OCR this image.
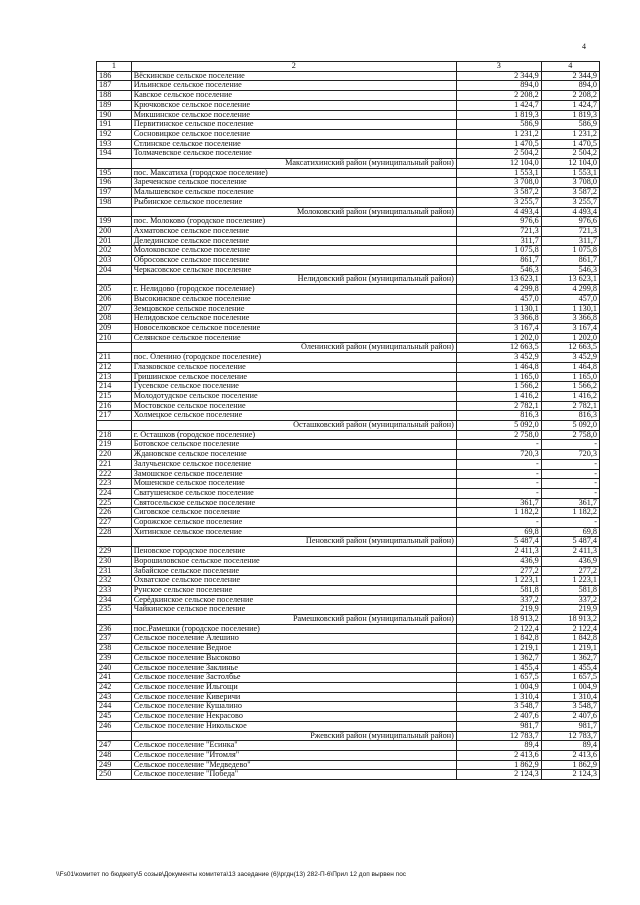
4
1	2	3	4
186	Вёскинское сельское поселение	2 344,9	2 344,9
187	Ильинское сельское поселение	894,0	894,0
188	Кавское сельское поселение	2 208,2	2 208,2
189	Крючковское сельское поселение	1 424,7	1 424,7
190	Микшинское сельское поселение	1 819,3	1 819,3
191	Первитинское сельское поселение	586,9	586,9
192	Сосновицкое сельское поселение	1 231,2	1 231,2
193	Стлинское сельское поселение	1 470,5	1 470,5
194	Толмачевское сельское поселение	2 504,2	2 504,2
	Максатихинский район (муниципальный район)	12 104,0	12 104,0
195	пос. Максатиха (городское поселение)	1 553,1	1 553,1
196	Зареченское сельское поселение	3 708,0	3 708,0
197	Малышевское сельское поселение	3 587,2	3 587,2
198	Рыбинское сельское поселение	3 255,7	3 255,7
	Молоковский район (муниципальный район)	4 493,4	4 493,4
199	пос. Молоково (городское поселение)	976,6	976,6
200	Ахматовское сельское поселение	721,3	721,3
201	Делединское сельское поселение	311,7	311,7
202	Молоковское сельское поселение	1 075,8	1 075,8
203	Обросовское сельское поселение	861,7	861,7
204	Черкасовское сельское поселение	546,3	546,3
	Нелидовский район (муниципальный район)	13 623,1	13 623,1
205	г. Нелидово (городское поселение)	4 299,8	4 299,8
206	Высокинское сельское поселение	457,0	457,0
207	Земцовское сельское поселение	1 130,1	1 130,1
208	Нелидовское сельское поселение	3 366,8	3 366,8
209	Новоселковское сельское поселение	3 167,4	3 167,4
210	Селянское сельское поселение	1 202,0	1 202,0
	Оленинский район (муниципальный район)	12 663,5	12 663,5
211	пос. Оленино (городское поселение)	3 452,9	3 452,9
212	Глазковское сельское поселение	1 464,8	1 464,8
213	Гришинское сельское поселение	1 165,0	1 165,0
214	Гусевское сельское поселение	1 566,2	1 566,2
215	Молодотудское сельское поселение	1 416,2	1 416,2
216	Мостовское сельское поселение	2 782,1	2 782,1
217	Холмецкое сельское поселение	816,3	816,3
	Осташковский район (муниципальный район)	5 092,0	5 092,0
218	г. Осташков (городское поселение)	2 758,0	2 758,0
219	Ботовское сельское поселение	-	-
220	Ждановское сельское поселение	720,3	720,3
221	Залучьенское сельское поселение	-	-
222	Замошское сельское поселение	-	-
223	Мошенское сельское поселение	-	-
224	Сватушенское сельское поселение	-	-
225	Святосельское сельское поселение	361,7	361,7
226	Сиговское сельское поселение	1 182,2	1 182,2
227	Сорожское сельское поселение	-	-
228	Хитинское сельское поселение	69,8	69,8
	Пеновский район (муниципальный район)	5 487,4	5 487,4
229	Пеновское городское поселение	2 411,3	2 411,3
230	Ворошиловское сельское поселение	436,9	436,9
231	Забайское сельское поселение	277,2	277,2
232	Охватское сельское поселение	1 223,1	1 223,1
233	Рунское сельское поселение	581,8	581,8
234	Серёдкинское сельское поселение	337,2	337,2
235	Чайкинское сельское поселение	219,9	219,9
	Рамешковский район (муниципальный район)	18 913,2	18 913,2
236	пос.Рамешки (городское поселение)	2 122,4	2 122,4
237	Сельское поселение Алешино	1 842,8	1 842,8
238	Сельское поселение Ведное	1 219,1	1 219,1
239	Сельское поселение Высоково	1 362,7	1 362,7
240	Сельское поселение Заклинье	1 455,4	1 455,4
241	Сельское поселение Застолбье	1 657,5	1 657,5
242	Сельское поселение Ильгощи	1 004,9	1 004,9
243	Сельское поселение Киверичи	1 310,4	1 310,4
244	Сельское поселение Кушалино	3 548,7	3 548,7
245	Сельское поселение Некрасово	2 407,6	2 407,6
246	Сельское поселение Никольское	981,7	981,7
	Ржевский район (муниципальный район)	12 783,7	12 783,7
247	Сельское поселение "Есинка"	89,4	89,4
248	Сельское поселение "Итомля"	2 413,6	2 413,6
249	Сельское поселение "Медведево"	1 862,9	1 862,9
250	Сельское поселение "Победа"	2 124,3	2 124,3
\\Fs01\комитет по бюджету\5 созыв\Документы комитета\13 заседание (6)\ргдн(13) 282-П-6\Прил 12 доп вырвен пос
